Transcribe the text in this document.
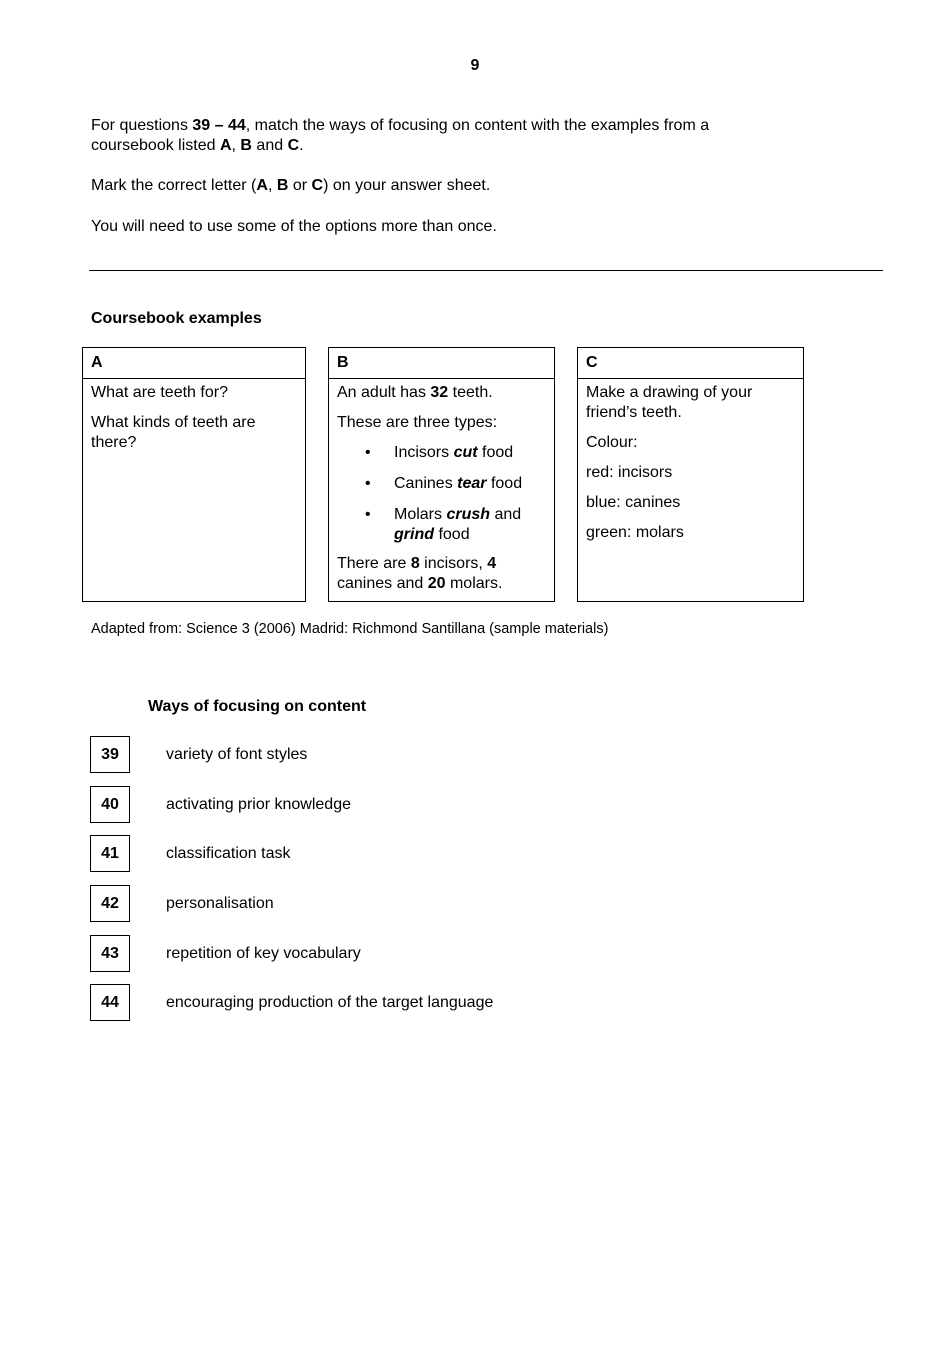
9
For questions 39 – 44, match the ways of focusing on content with the examples from a
coursebook listed A, B and C.
Mark the correct letter (A, B or C) on your answer sheet.
You will need to use some of the options more than once.
Coursebook examples
A
What are teeth for?
What kinds of teeth are there?
B
An adult has 32 teeth.
These are three types:
• Incisors cut food
• Canines tear food
• Molars crush and grind food
There are 8 incisors, 4 canines and 20 molars.
C
Make a drawing of your friend’s teeth.
Colour:
red: incisors
blue: canines
green: molars
Adapted from: Science 3 (2006) Madrid: Richmond Santillana (sample materials)
Ways of focusing on content
39	variety of font styles
40	activating prior knowledge
41	classification task
42	personalisation
43	repetition of key vocabulary
44	encouraging production of the target language
